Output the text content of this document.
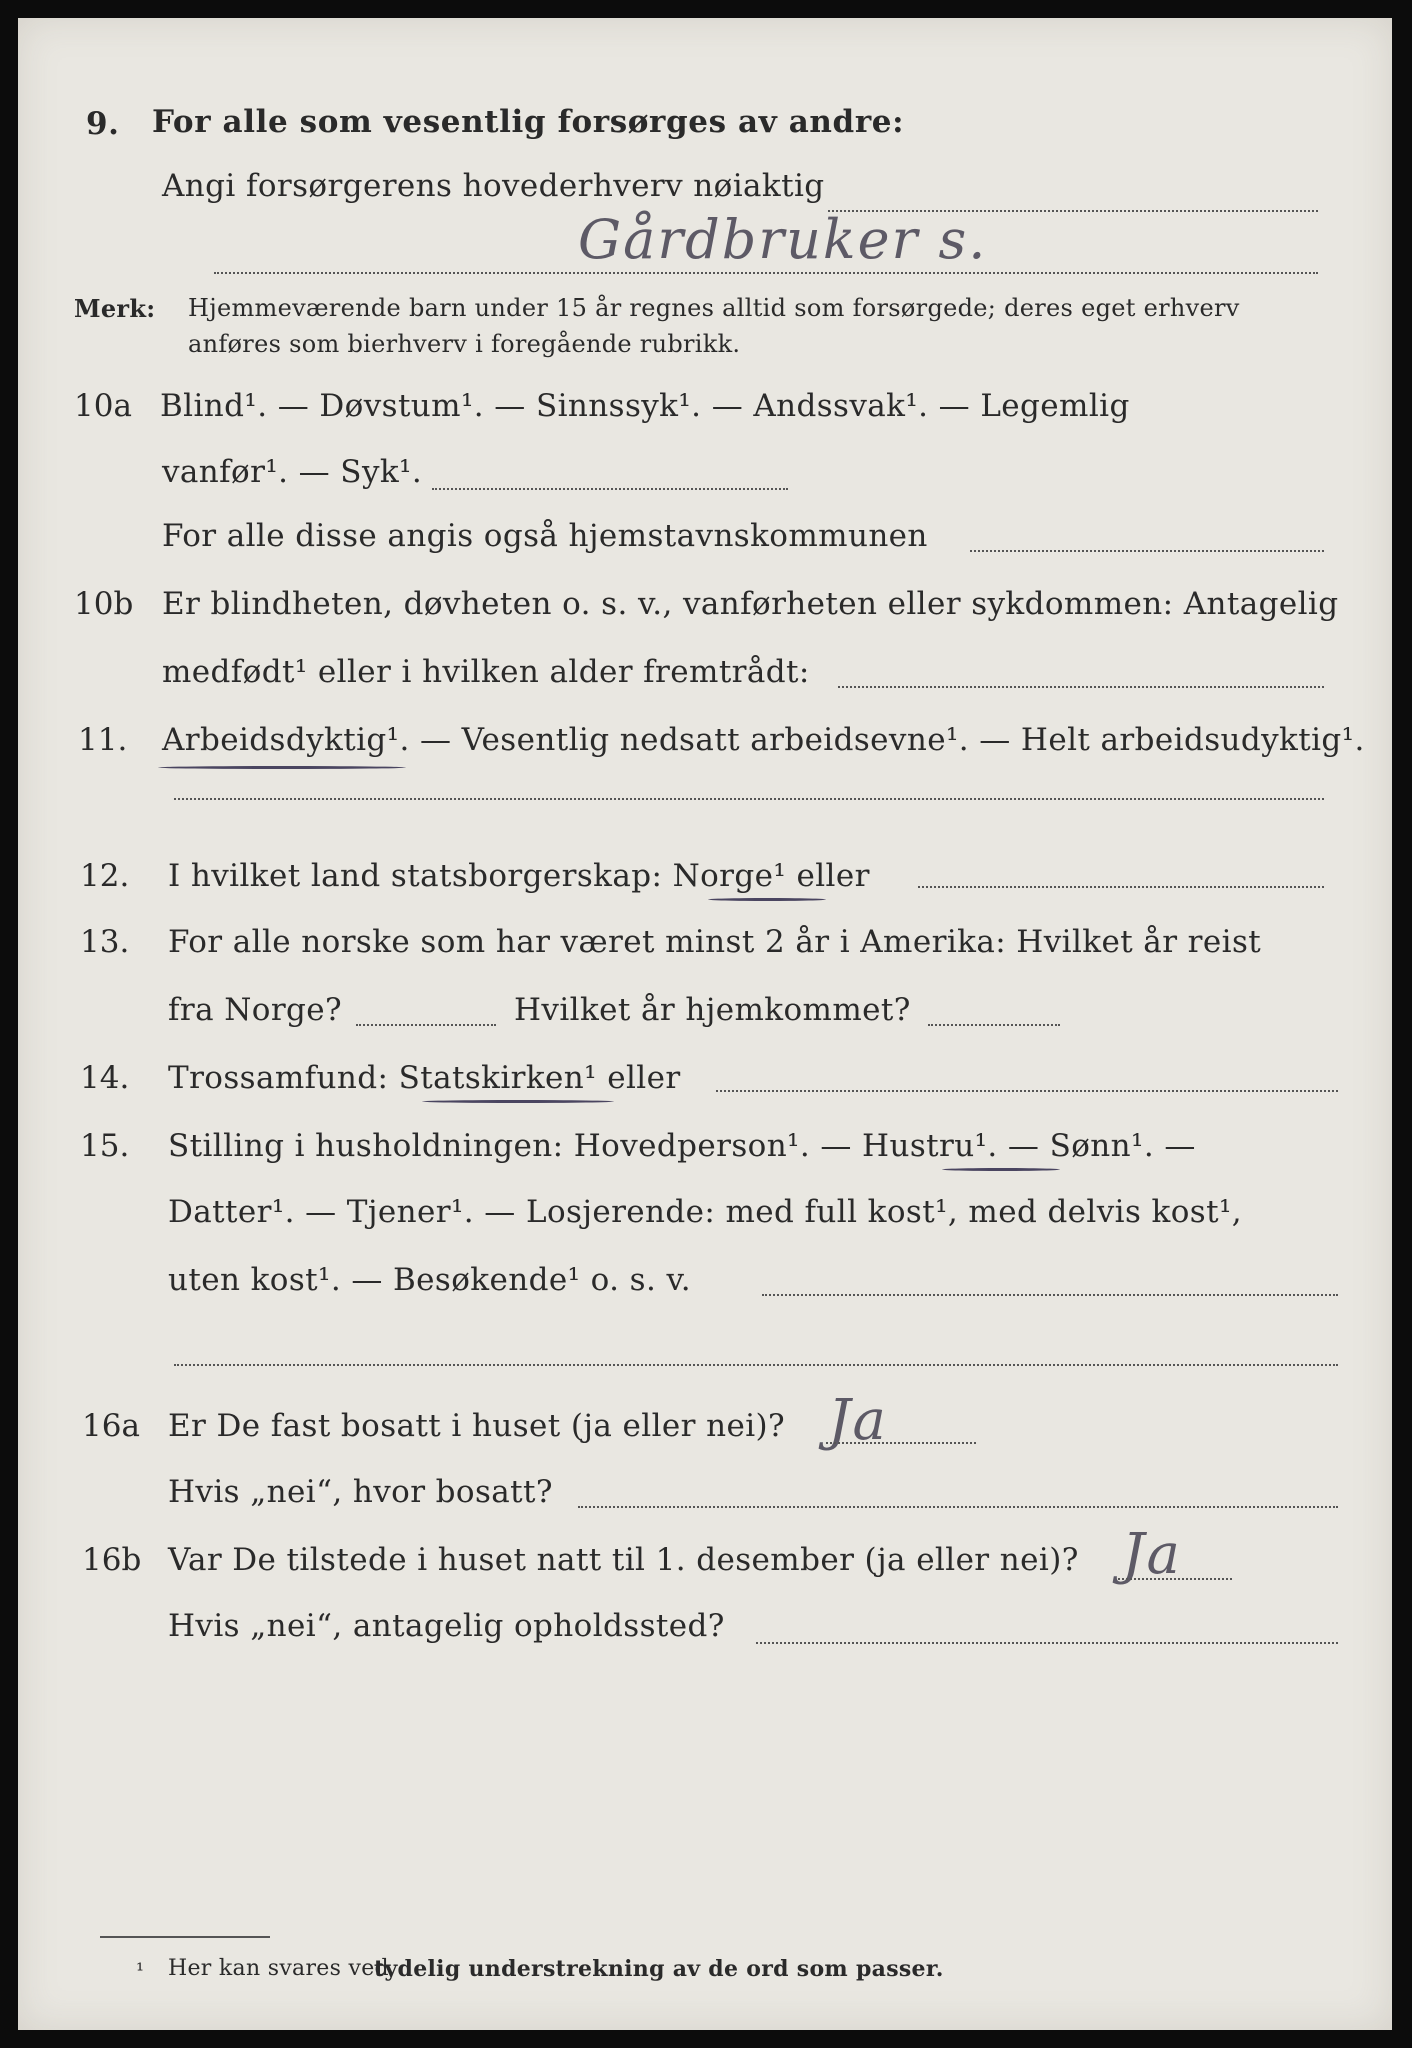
9. For alle som vesentlig forsørges av andre:
Angi forsørgerens hovederhverv nøiaktig
Gårdbruker s.
Merk: Hjemmeværende barn under 15 år regnes alltid som forsørgede; deres eget erhverv
anføres som bierhverv i foregående rubrikk.
10a Blind¹. — Døvstum¹. — Sinnssyk¹. — Andssvak¹. — Legemlig
vanfør¹. — Syk¹.
For alle disse angis også hjemstavnskommunen
10b Er blindheten, døvheten o. s. v., vanførheten eller sykdommen: Antagelig
medfødt¹ eller i hvilken alder fremtrådt:
11. Arbeidsdyktig¹. — Vesentlig nedsatt arbeidsevne¹. — Helt arbeidsudyktig¹.
12. I hvilket land statsborgerskap: Norge¹ eller
13. For alle norske som har været minst 2 år i Amerika: Hvilket år reist
fra Norge?	Hvilket år hjemkommet?
14. Trossamfund: Statskirken¹ eller
15. Stilling i husholdningen: Hovedperson¹. — Hustru¹. — Sønn¹. —
Datter¹. — Tjener¹. — Losjerende: med full kost¹, med delvis kost¹,
uten kost¹. — Besøkende¹ o. s. v.
16a Er De fast bosatt i huset (ja eller nei)? Ja
Hvis „nei“, hvor bosatt?
16b Var De tilstede i huset natt til 1. desember (ja eller nei)? Ja
Hvis „nei“, antagelig opholdssted?
¹ Her kan svares ved
tydelig understrekning av de ord som passer.
